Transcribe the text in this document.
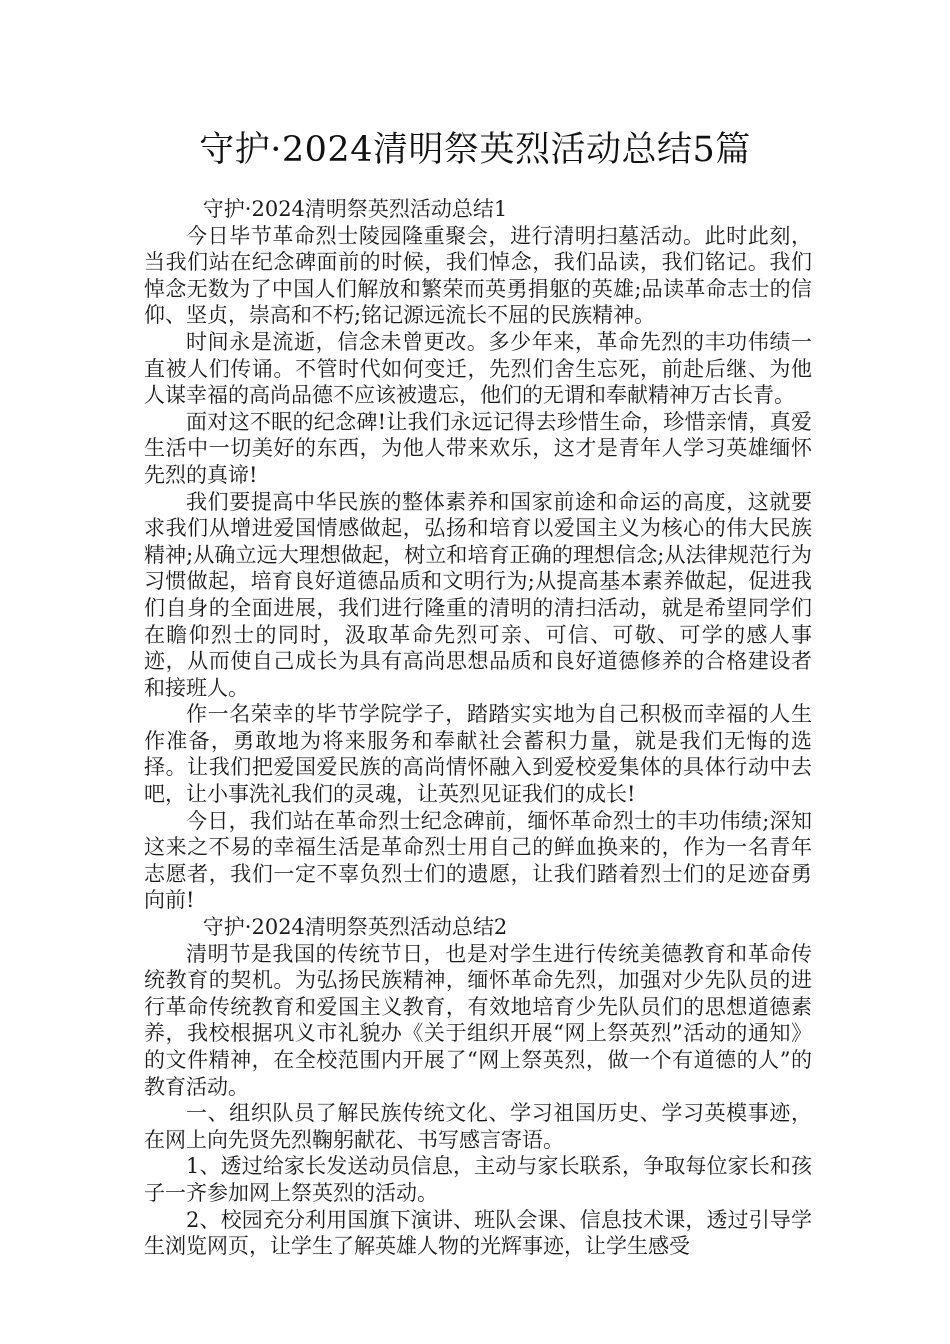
守护·2024清明祭英烈活动总结5篇

守护·2024清明祭英烈活动总结1

今日毕节革命烈士陵园隆重聚会，进行清明扫墓活动。此时此刻，当我们站在纪念碑面前的时候，我们悼念，我们品读，我们铭记。我们悼念无数为了中国人们解放和繁荣而英勇捐躯的英雄;品读革命志士的信仰、坚贞，崇高和不朽;铭记源远流长不屈的民族精神。

时间永是流逝，信念未曾更改。多少年来，革命先烈的丰功伟绩一直被人们传诵。不管时代如何变迁，先烈们舍生忘死，前赴后继、为他人谋幸福的高尚品德不应该被遗忘，他们的无谓和奉献精神万古长青。

面对这不眠的纪念碑!让我们永远记得去珍惜生命，珍惜亲情，真爱生活中一切美好的东西，为他人带来欢乐，这才是青年人学习英雄缅怀先烈的真谛!

我们要提高中华民族的整体素养和国家前途和命运的高度，这就要求我们从增进爱国情感做起，弘扬和培育以爱国主义为核心的伟大民族精神;从确立远大理想做起，树立和培育正确的理想信念;从法律规范行为习惯做起，培育良好道德品质和文明行为;从提高基本素养做起，促进我们自身的全面进展，我们进行隆重的清明的清扫活动，就是希望同学们在瞻仰烈士的同时，汲取革命先烈可亲、可信、可敬、可学的感人事迹，从而使自己成长为具有高尚思想品质和良好道德修养的合格建设者和接班人。

作一名荣幸的毕节学院学子，踏踏实实地为自己积极而幸福的人生作准备，勇敢地为将来服务和奉献社会蓄积力量，就是我们无悔的选择。让我们把爱国爱民族的高尚情怀融入到爱校爱集体的具体行动中去吧，让小事洗礼我们的灵魂，让英烈见证我们的成长!

今日，我们站在革命烈士纪念碑前，缅怀革命烈士的丰功伟绩;深知这来之不易的幸福生活是革命烈士用自己的鲜血换来的，作为一名青年志愿者，我们一定不辜负烈士们的遗愿，让我们踏着烈士们的足迹奋勇向前!

守护·2024清明祭英烈活动总结2

清明节是我国的传统节日，也是对学生进行传统美德教育和革命传统教育的契机。为弘扬民族精神，缅怀革命先烈，加强对少先队员的进行革命传统教育和爱国主义教育，有效地培育少先队员们的思想道德素养，我校根据巩义市礼貌办《关于组织开展“网上祭英烈”活动的通知》的文件精神，在全校范围内开展了“网上祭英烈，做一个有道德的人”的教育活动。

一、组织队员了解民族传统文化、学习祖国历史、学习英模事迹，在网上向先贤先烈鞠躬献花、书写感言寄语。

1、透过给家长发送动员信息，主动与家长联系，争取每位家长和孩子一齐参加网上祭英烈的活动。

2、校园充分利用国旗下演讲、班队会课、信息技术课，透过引导学生浏览网页，让学生了解英雄人物的光辉事迹，让学生感受
